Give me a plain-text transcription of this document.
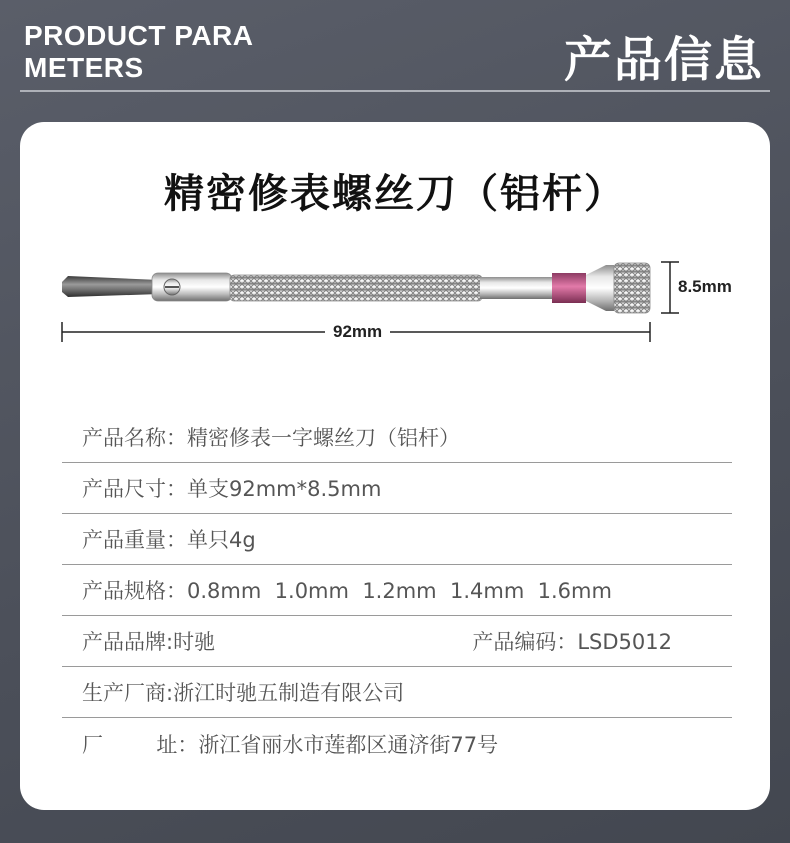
PRODUCT PARA
METERS	产品信息
精密修表螺丝刀（铝杆）
8.5mm
92mm
产品名称：精密修表一字螺丝刀（铝杆）
产品尺寸：单支92mm*8.5mm
产品重量：单只4g
产品规格：0.8mm  1.0mm  1.2mm  1.4mm  1.6mm
产品品牌:时驰	产品编码：LSD5012
生产厂商:浙江时驰五制造有限公司
厂        址：浙江省丽水市莲都区通济街77号
